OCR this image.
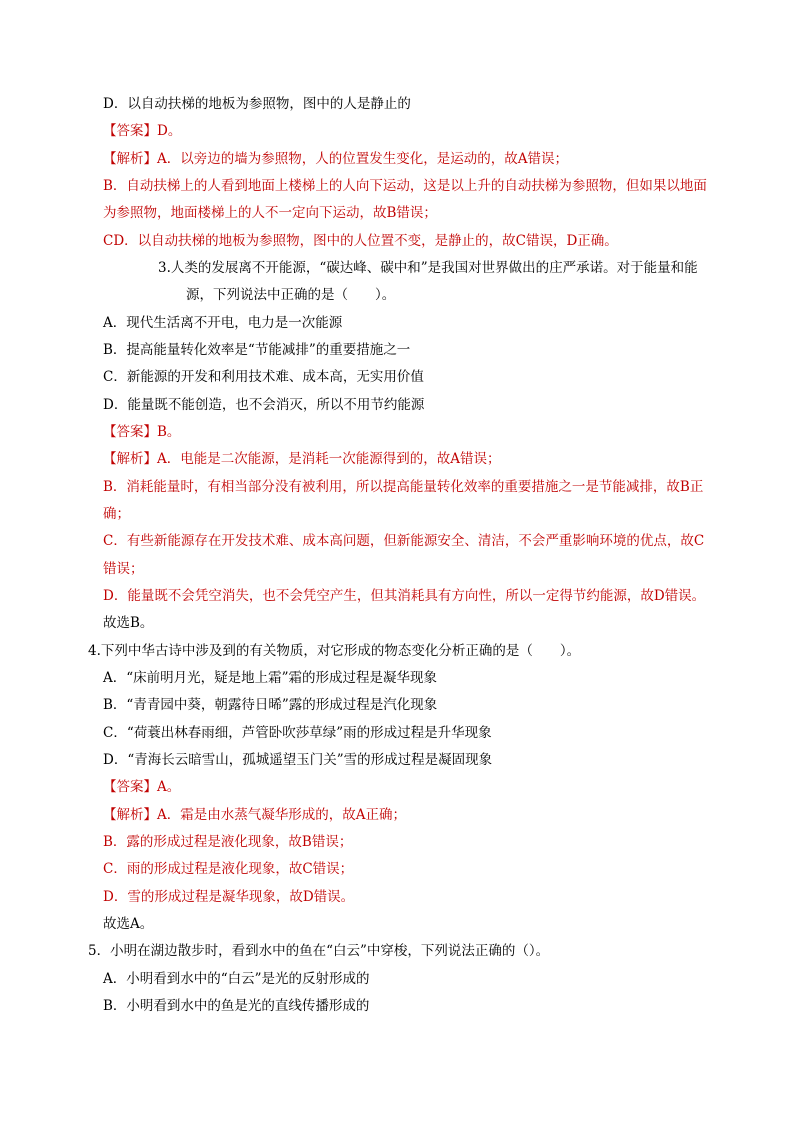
D．以自动扶梯的地板为参照物，图中的人是静止的
【答案】D。
【解析】A．以旁边的墙为参照物，人的位置发生变化，是运动的，故A错误；
B．自动扶梯上的人看到地面上楼梯上的人向下运动，这是以上升的自动扶梯为参照物，但如果以地面
为参照物，地面楼梯上的人不一定向下运动，故B错误；
CD．以自动扶梯的地板为参照物，图中的人位置不变，是静止的，故C错误，D正确。
3.人类的发展离不开能源，“碳达峰、碳中和”是我国对世界做出的庄严承诺。对于能量和能
源，下列说法中正确的是（　　）。
A．现代生活离不开电，电力是一次能源
B．提高能量转化效率是“节能减排”的重要措施之一
C．新能源的开发和利用技术难、成本高，无实用价值
D．能量既不能创造，也不会消灭，所以不用节约能源
【答案】B。
【解析】A．电能是二次能源，是消耗一次能源得到的，故A错误；
B．消耗能量时，有相当部分没有被利用，所以提高能量转化效率的重要措施之一是节能减排，故B正
确；
C．有些新能源存在开发技术难、成本高问题，但新能源安全、清洁，不会严重影响环境的优点，故C
错误；
D．能量既不会凭空消失，也不会凭空产生，但其消耗具有方向性，所以一定得节约能源，故D错误。
故选B。
4.下列中华古诗中涉及到的有关物质，对它形成的物态变化分析正确的是（　　）。
A．“床前明月光，疑是地上霜”霜的形成过程是凝华现象
B．“青青园中葵，朝露待日晞”露的形成过程是汽化现象
C．“荷蓑出林春雨细，芦管卧吹莎草绿”雨的形成过程是升华现象
D．“青海长云暗雪山，孤城遥望玉门关”雪的形成过程是凝固现象
【答案】A。
【解析】A．霜是由水蒸气凝华形成的，故A正确；
B．露的形成过程是液化现象，故B错误；
C．雨的形成过程是液化现象，故C错误；
D．雪的形成过程是凝华现象，故D错误。
故选A。
5．小明在湖边散步时，看到水中的鱼在“白云”中穿梭，下列说法正确的（）。
A．小明看到水中的“白云”是光的反射形成的
B．小明看到水中的鱼是光的直线传播形成的
